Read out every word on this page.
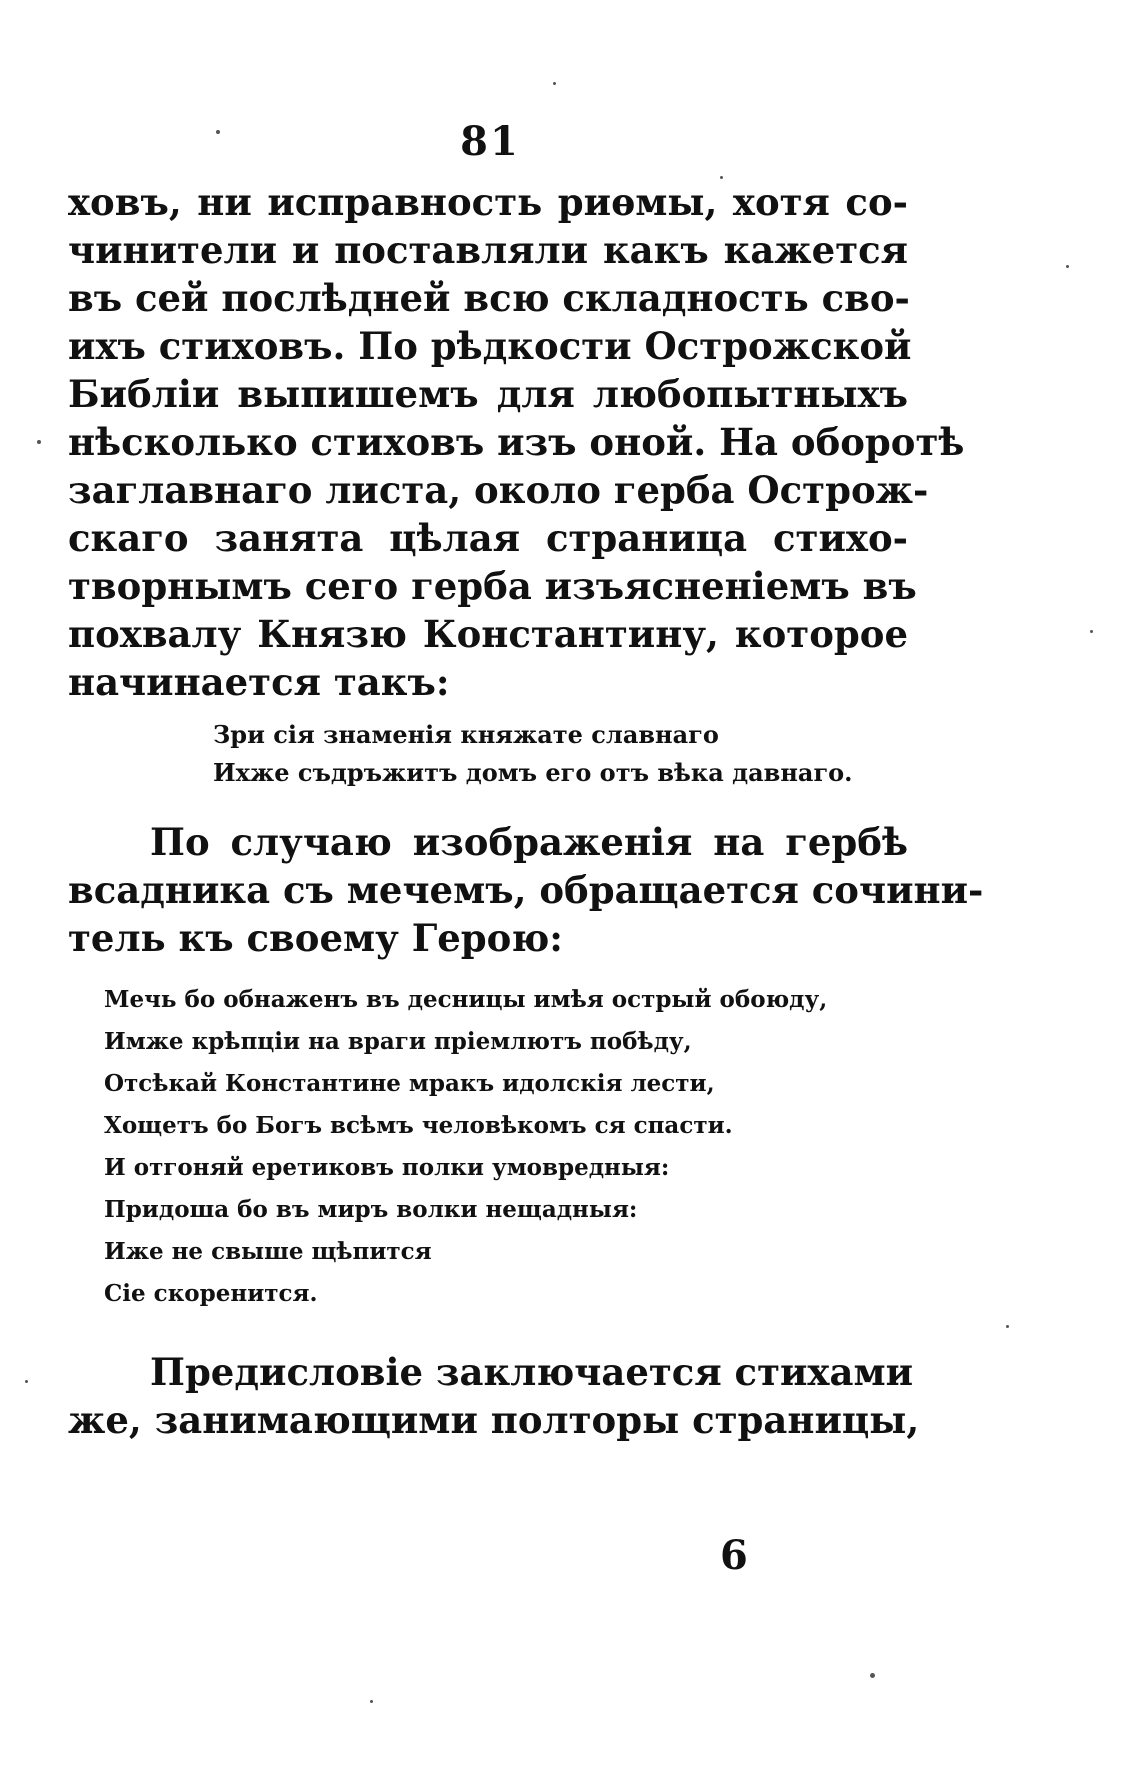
81
ховъ, ни исправность риѳмы, хотя со-
чинители и поставляли какъ кажется
въ сей послѣдней всю складность сво-
ихъ стиховъ. По рѣдкости Острожской
Библіи выпишемъ для любопытныхъ
нѣсколько стиховъ изъ оной. На оборотѣ
заглавнаго листа, около герба Острож-
скаго занята цѣлая страница стихо-
творнымъ сего герба изъясненіемъ въ
похвалу Князю Константину, которое
начинается такъ:
Зри сія знаменія княжате славнаго
Ихже съдръжитъ домъ его отъ вѣка давнаго.
По случаю изображенія на гербѣ
всадника съ мечемъ, обращается сочини-
тель къ своему Герою:
Мечь бо обнаженъ въ десницы имѣя острый обоюду,
Имже крѣпціи на враги пріемлютъ побѣду,
Отсѣкай Константине мракъ идолскія лести,
Хощетъ бо Богъ всѣмъ человѣкомъ ся спасти.
И отгоняй еретиковъ полки умовредныя:
Придоша бо въ миръ волки нещадныя:
Иже не свыше щѣпится
Сіе скоренится.
Предисловіе заключается стихами
же, занимающими полторы страницы,
6
